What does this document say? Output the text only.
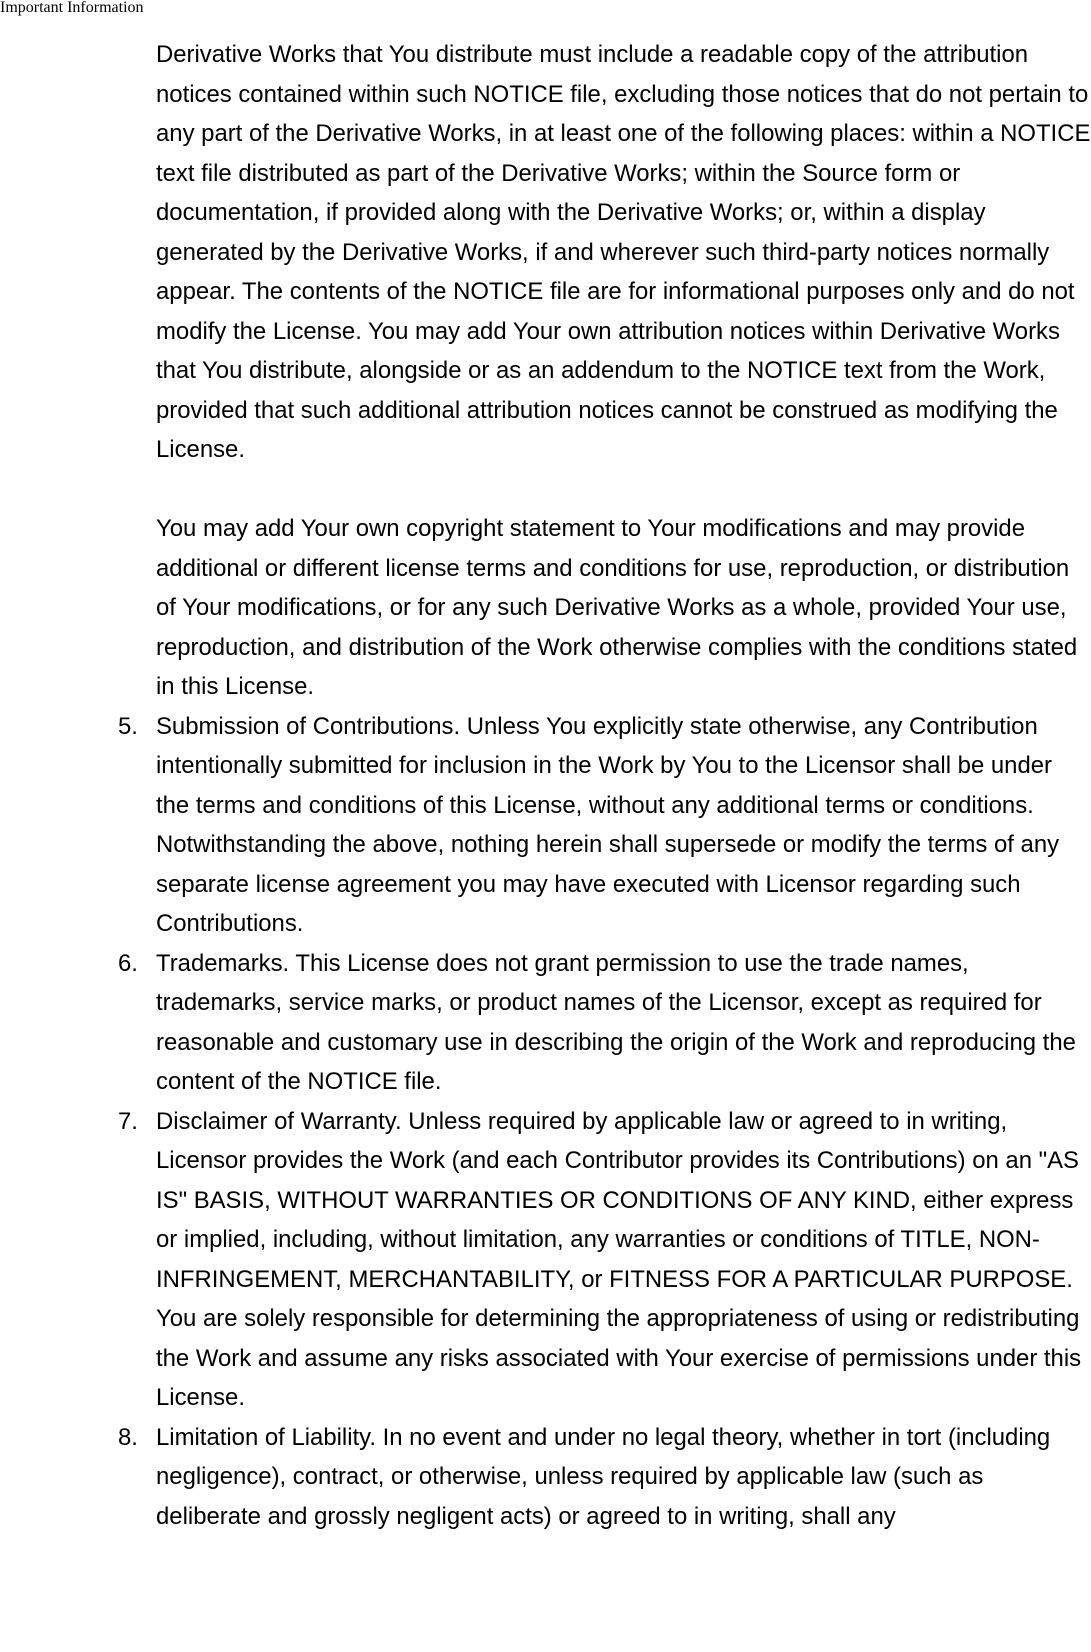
Important Information

Derivative Works that You distribute must include a readable copy of the attribution notices contained within such NOTICE file, excluding those notices that do not pertain to any part of the Derivative Works, in at least one of the following places: within a NOTICE text file distributed as part of the Derivative Works; within the Source form or documentation, if provided along with the Derivative Works; or, within a display generated by the Derivative Works, if and wherever such third-party notices normally appear. The contents of the NOTICE file are for informational purposes only and do not modify the License. You may add Your own attribution notices within Derivative Works that You distribute, alongside or as an addendum to the NOTICE text from the Work, provided that such additional attribution notices cannot be construed as modifying the License.

You may add Your own copyright statement to Your modifications and may provide additional or different license terms and conditions for use, reproduction, or distribution of Your modifications, or for any such Derivative Works as a whole, provided Your use, reproduction, and distribution of the Work otherwise complies with the conditions stated in this License.

5. Submission of Contributions. Unless You explicitly state otherwise, any Contribution intentionally submitted for inclusion in the Work by You to the Licensor shall be under the terms and conditions of this License, without any additional terms or conditions.
Notwithstanding the above, nothing herein shall supersede or modify the terms of any separate license agreement you may have executed with Licensor regarding such Contributions.
6. Trademarks. This License does not grant permission to use the trade names, trademarks, service marks, or product names of the Licensor, except as required for reasonable and customary use in describing the origin of the Work and reproducing the content of the NOTICE file.
7. Disclaimer of Warranty. Unless required by applicable law or agreed to in writing, Licensor provides the Work (and each Contributor provides its Contributions) on an "AS IS" BASIS, WITHOUT WARRANTIES OR CONDITIONS OF ANY KIND, either express or implied, including, without limitation, any warranties or conditions of TITLE, NON-INFRINGEMENT, MERCHANTABILITY, or FITNESS FOR A PARTICULAR PURPOSE. You are solely responsible for determining the appropriateness of using or redistributing the Work and assume any risks associated with Your exercise of permissions under this License.
8. Limitation of Liability. In no event and under no legal theory, whether in tort (including negligence), contract, or otherwise, unless required by applicable law (such as deliberate and grossly negligent acts) or agreed to in writing, shall any
